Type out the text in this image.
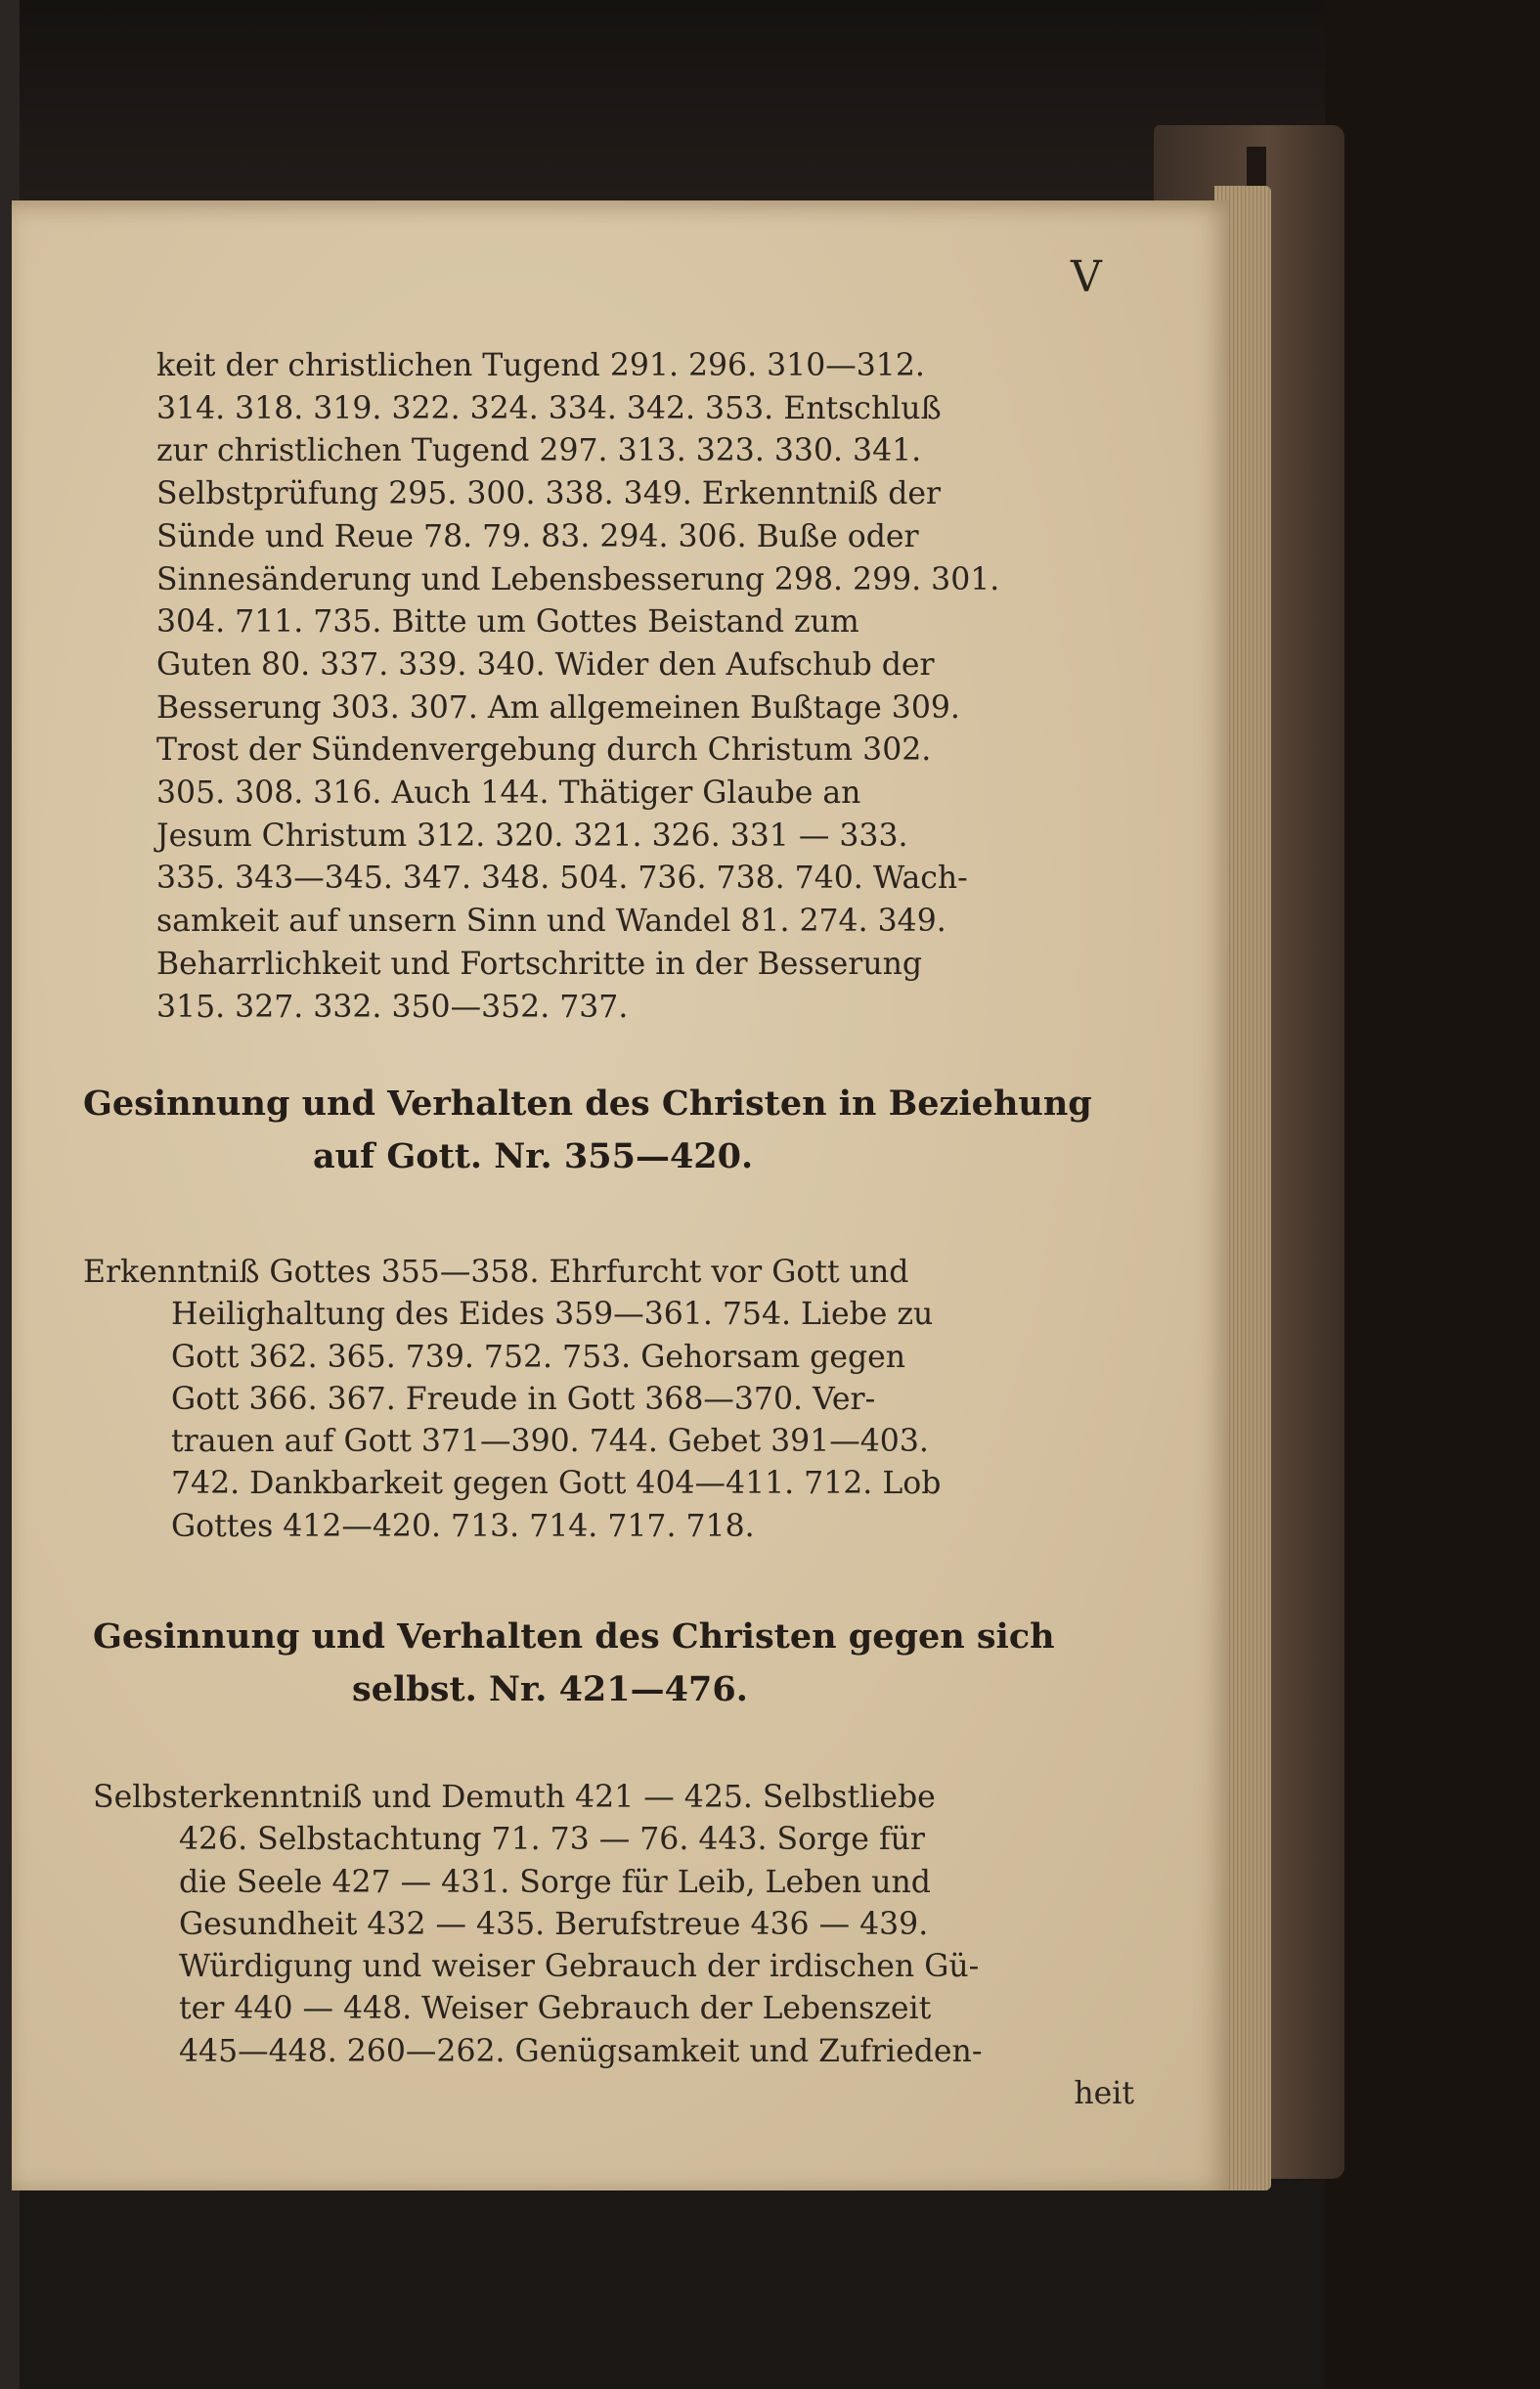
V
keit der christlichen Tugend 291. 296. 310—312.
314. 318. 319. 322. 324. 334. 342. 353. Entschluß
zur christlichen Tugend 297. 313. 323. 330. 341.
Selbstprüfung 295. 300. 338. 349. Erkenntniß der
Sünde und Reue 78. 79. 83. 294. 306. Buße oder
Sinnesänderung und Lebensbesserung 298. 299. 301.
304. 711. 735. Bitte um Gottes Beistand zum
Guten 80. 337. 339. 340. Wider den Aufschub der
Besserung 303. 307. Am allgemeinen Bußtage 309.
Trost der Sündenvergebung durch Christum 302.
305. 308. 316. Auch 144. Thätiger Glaube an
Jesum Christum 312. 320. 321. 326. 331 — 333.
335. 343—345. 347. 348. 504. 736. 738. 740. Wach-
samkeit auf unsern Sinn und Wandel 81. 274. 349.
Beharrlichkeit und Fortschritte in der Besserung
315. 327. 332. 350—352. 737.
Gesinnung und Verhalten des Christen in Beziehung
auf Gott. Nr. 355—420.
Erkenntniß Gottes 355—358. Ehrfurcht vor Gott und
Heilighaltung des Eides 359—361. 754. Liebe zu
Gott 362. 365. 739. 752. 753. Gehorsam gegen
Gott 366. 367. Freude in Gott 368—370. Ver-
trauen auf Gott 371—390. 744. Gebet 391—403.
742. Dankbarkeit gegen Gott 404—411. 712. Lob
Gottes 412—420. 713. 714. 717. 718.
Gesinnung und Verhalten des Christen gegen sich
selbst. Nr. 421—476.
Selbsterkenntniß und Demuth 421 — 425. Selbstliebe
426. Selbstachtung 71. 73 — 76. 443. Sorge für
die Seele 427 — 431. Sorge für Leib, Leben und
Gesundheit 432 — 435. Berufstreue 436 — 439.
Würdigung und weiser Gebrauch der irdischen Gü-
ter 440 — 448. Weiser Gebrauch der Lebenszeit
445—448. 260—262. Genügsamkeit und Zufrieden-
heit
